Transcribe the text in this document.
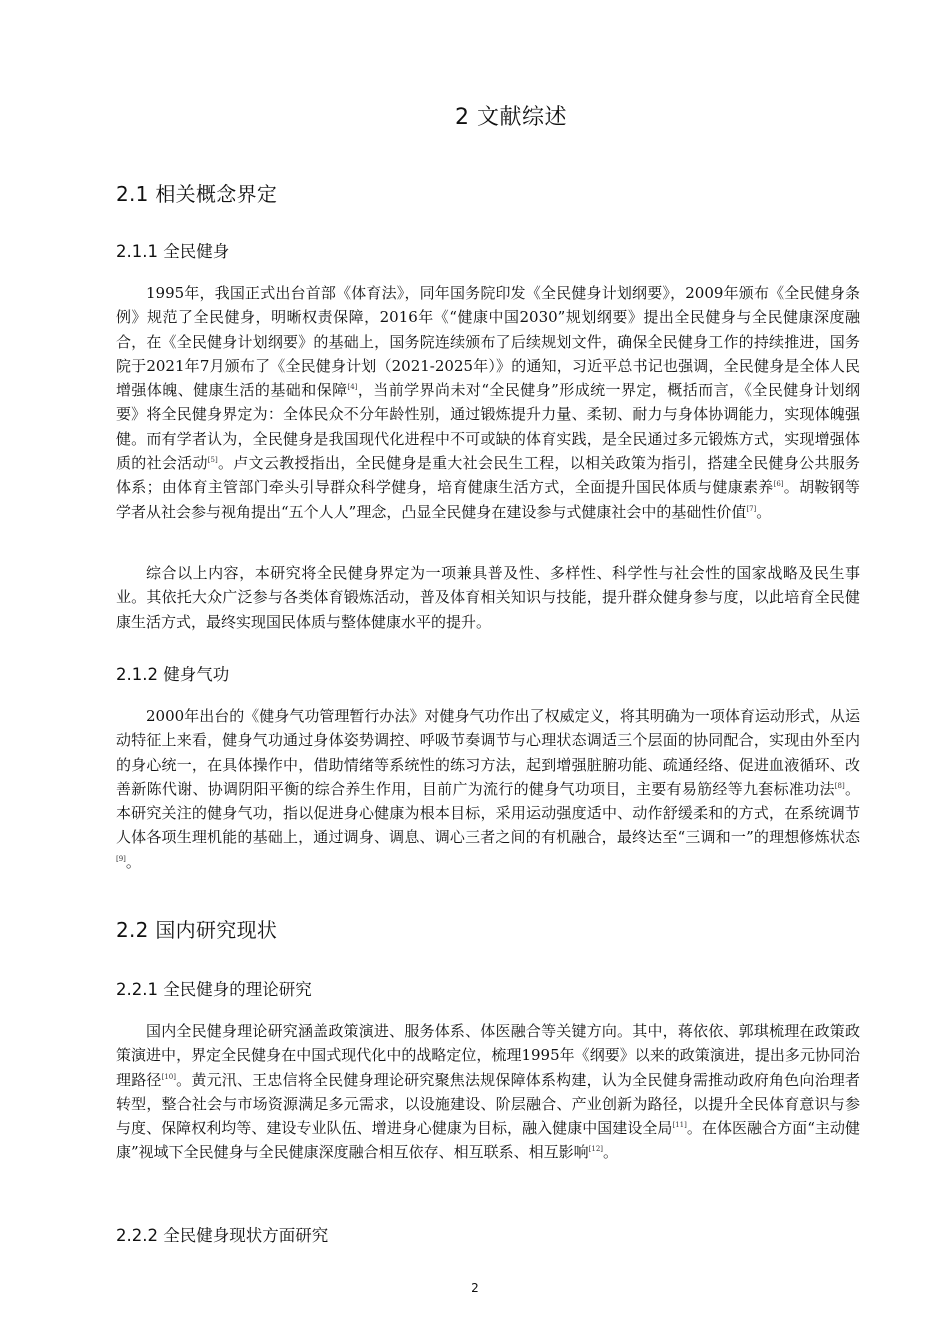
2 文献综述
2.1 相关概念界定
2.1.1 全民健身

1995年，我国正式出台首部《体育法》，同年国务院印发《全民健身计划纲要》，2009年颁布《全民健身条例》规范了全民健身，明晰权责保障，2016年《“健康中国2030”规划纲要》提出全民健身与全民健康深度融合，在《全民健身计划纲要》的基础上，国务院连续颁布了后续规划文件，确保全民健身工作的持续推进，国务院于2021年7月颁布了《全民健身计划（2021-2025年）》的通知，习近平总书记也强调，全民健身是全体人民增强体魄、健康生活的基础和保障[4]，当前学界尚未对“全民健身”形成统一界定，概括而言，《全民健身计划纲要》将全民健身界定为：全体民众不分年龄性别，通过锻炼提升力量、柔韧、耐力与身体协调能力，实现体魄强健。而有学者认为，全民健身是我国现代化进程中不可或缺的体育实践，是全民通过多元锻炼方式，实现增强体质的社会活动[5]。卢文云教授指出，全民健身是重大社会民生工程，以相关政策为指引，搭建全民健身公共服务体系；由体育主管部门牵头引导群众科学健身，培育健康生活方式，全面提升国民体质与健康素养[6]。胡鞍钢等学者从社会参与视角提出“五个人人”理念，凸显全民健身在建设参与式健康社会中的基础性价值[7]。

综合以上内容，本研究将全民健身界定为一项兼具普及性、多样性、科学性与社会性的国家战略及民生事业。其依托大众广泛参与各类体育锻炼活动，普及体育相关知识与技能，提升群众健身参与度，以此培育全民健康生活方式，最终实现国民体质与整体健康水平的提升。

2.1.2 健身气功

2000年出台的《健身气功管理暂行办法》对健身气功作出了权威定义，将其明确为一项体育运动形式，从运动特征上来看，健身气功通过身体姿势调控、呼吸节奏调节与心理状态调适三个层面的协同配合，实现由外至内的身心统一，在具体操作中，借助情绪等系统性的练习方法，起到增强脏腑功能、疏通经络、促进血液循环、改善新陈代谢、协调阴阳平衡的综合养生作用，目前广为流行的健身气功项目，主要有易筋经等九套标准功法[8]。本研究关注的健身气功，指以促进身心健康为根本目标，采用运动强度适中、动作舒缓柔和的方式，在系统调节人体各项生理机能的基础上，通过调身、调息、调心三者之间的有机融合，最终达至“三调和一”的理想修炼状态[9]。

2.2 国内研究现状
2.2.1 全民健身的理论研究

国内全民健身理论研究涵盖政策演进、服务体系、体医融合等关键方向。其中，蒋依依、郭琪梳理在政策政策演进中，界定全民健身在中国式现代化中的战略定位，梳理1995年《纲要》以来的政策演进，提出多元协同治理路径[10]。黄元汛、王忠信将全民健身理论研究聚焦法规保障体系构建，认为全民健身需推动政府角色向治理者转型，整合社会与市场资源满足多元需求，以设施建设、阶层融合、产业创新为路径，以提升全民体育意识与参与度、保障权利均等、建设专业队伍、增进身心健康为目标，融入健康中国建设全局[11]。在体医融合方面“主动健康”视域下全民健身与全民健康深度融合相互依存、相互联系、相互影响[12]。

2.2.2 全民健身现状方面研究
2
